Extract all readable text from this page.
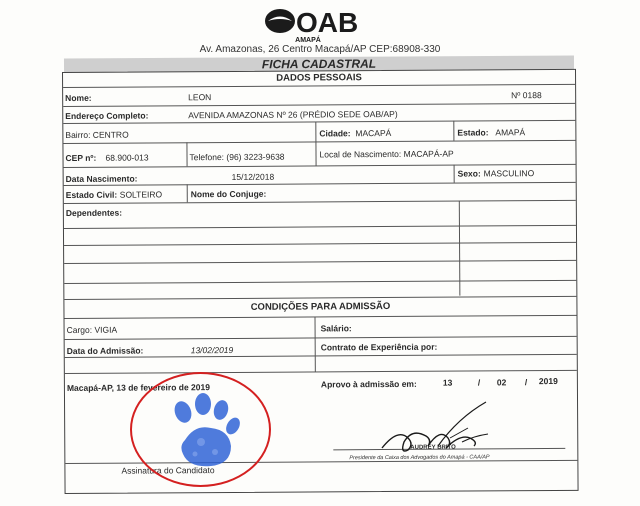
OAB
AMAPÁ
Av. Amazonas, 26 Centro Macapá/AP CEP:68908-330
FICHA CADASTRAL
DADOS PESSOAIS
Nome:	LEON	Nº 0188
Endereço Completo:	AVENIDA AMAZONAS Nº 26 (PRÉDIO SEDE OAB/AP)
Bairro: CENTRO	Cidade: MACAPÁ	Estado: AMAPÁ
CEP nº: 68.900-013	Telefone: (96) 3223-9638	Local de Nascimento: MACAPÁ-AP
Data Nascimento:	15/12/2018	Sexo: MASCULINO
Estado Civil: SOLTEIRO	Nome do Conjuge:
Dependentes:
CONDIÇÕES PARA ADMISSÃO
Cargo: VIGIA	Salário:
Data do Admissão:	13/02/2019	Contrato de Experiência por:
Macapá-AP, 13 de fevereiro de 2019	Aprovo à admissão em:	13	/ 02 / 2019
Assinatura do Candidato
AUDREY BRITO
Presidente da Caixa dos Advogados do Amapá - CAA/AP
